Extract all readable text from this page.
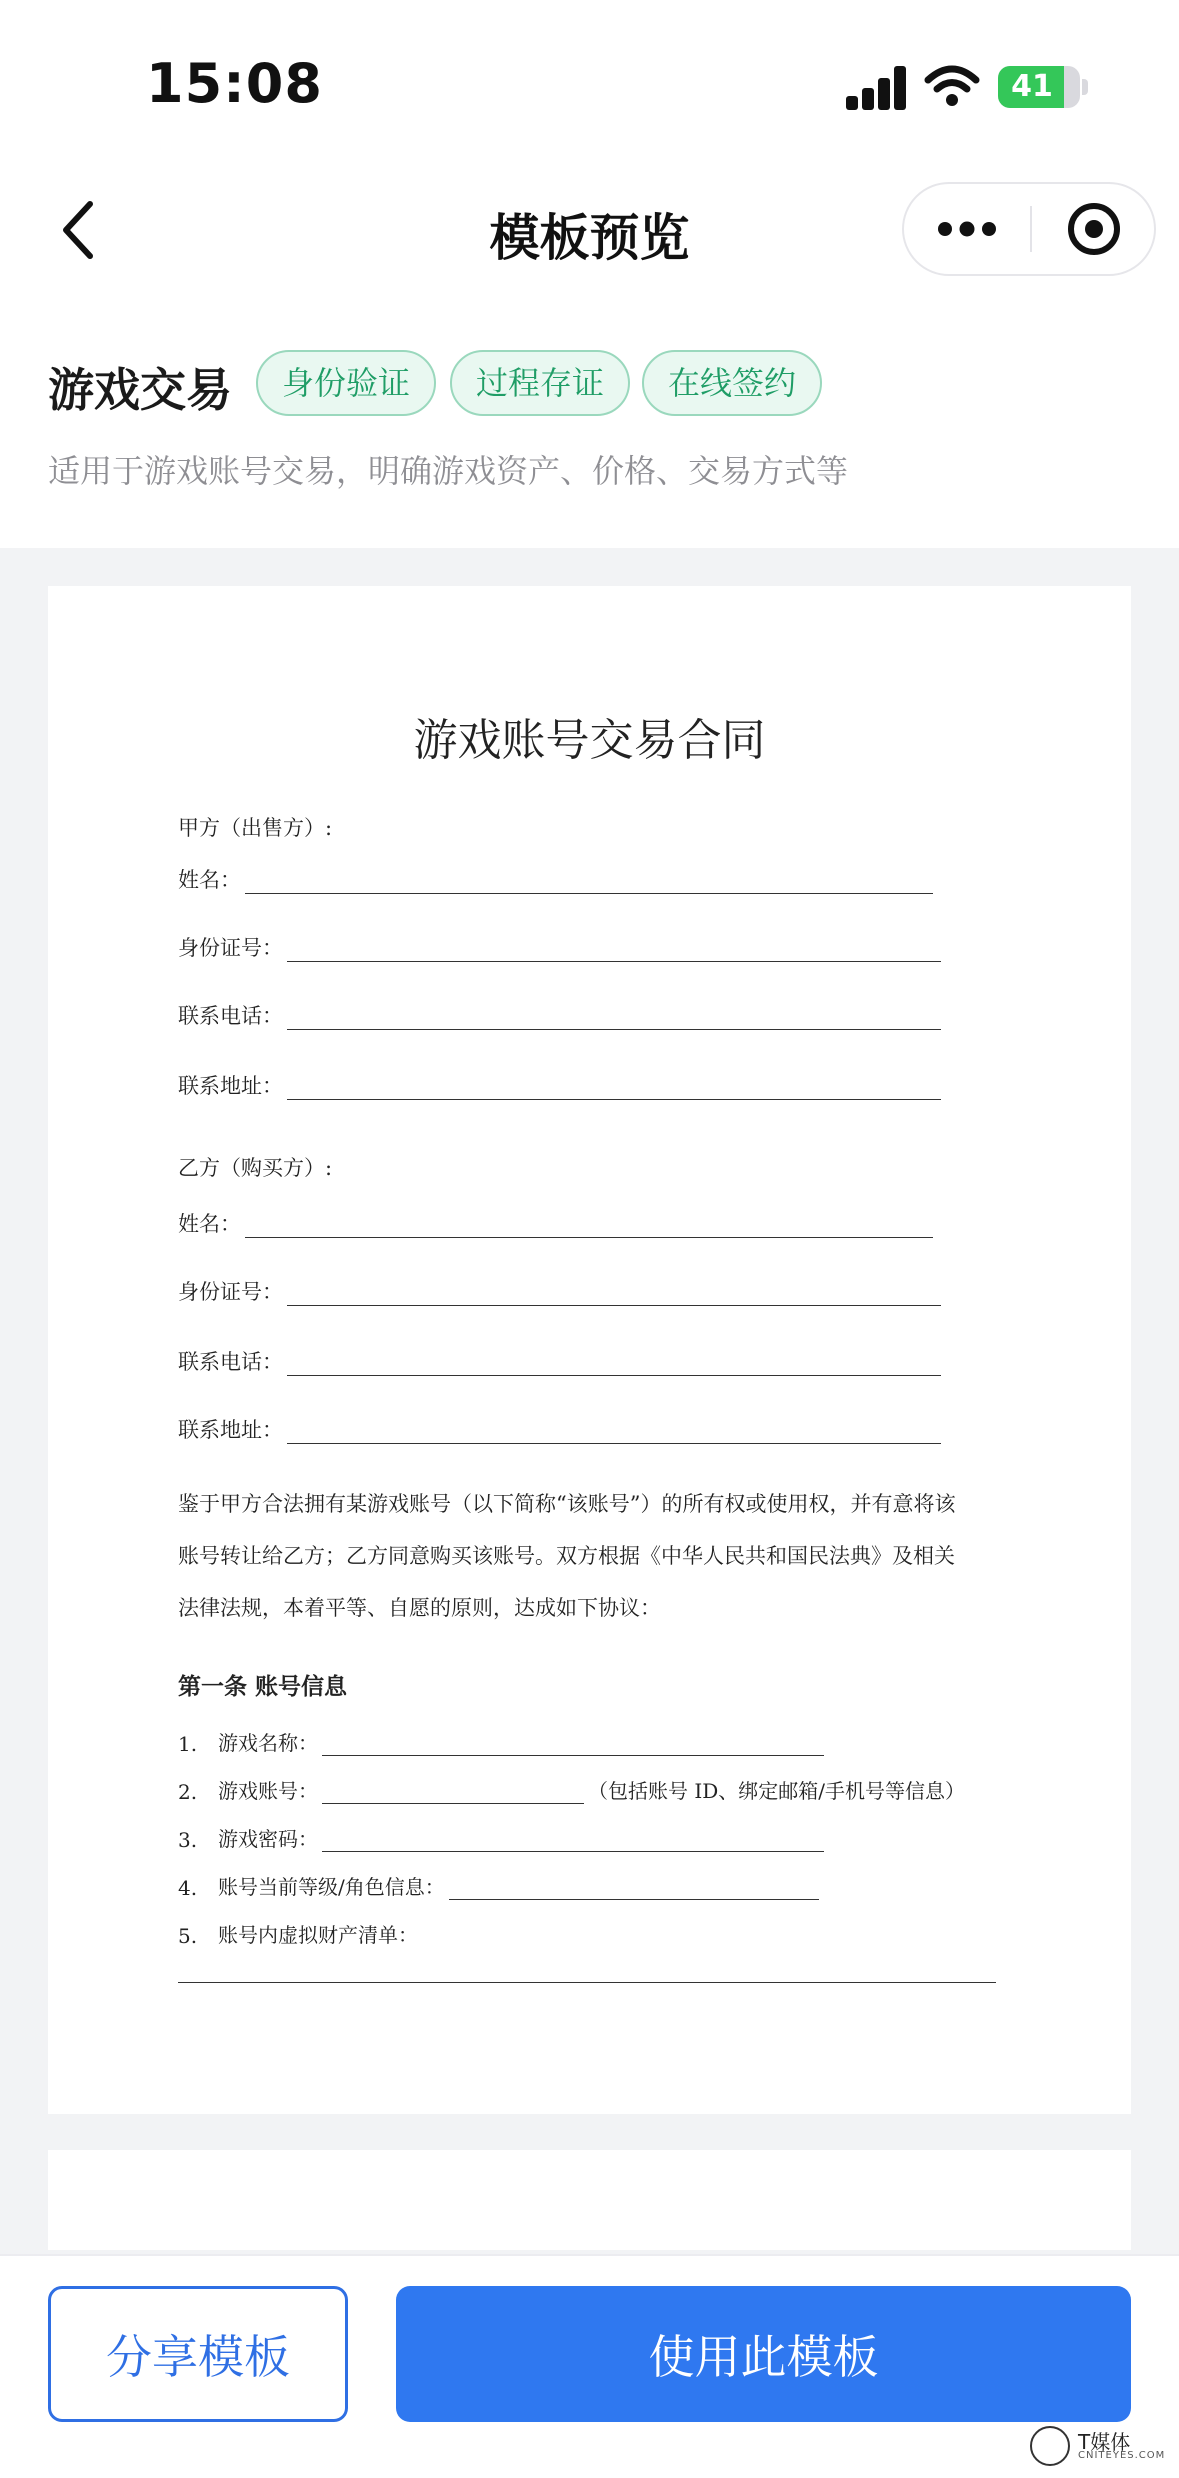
15:08	41
模板预览
游戏交易	身份验证	过程存证	在线签约
适用于游戏账号交易，明确游戏资产、价格、交易方式等
游戏账号交易合同
甲方（出售方）:
姓名：
身份证号：
联系电话：
联系地址：
乙方（购买方）:
姓名：
身份证号：
联系电话：
联系地址：
鉴于甲方合法拥有某游戏账号（以下简称“该账号”）的所有权或使用权，并有意将该
账号转让给乙方；乙方同意购买该账号。双方根据《中华人民共和国民法典》及相关
法律法规，本着平等、自愿的原则，达成如下协议：
第一条 账号信息
1.	游戏名称：
2.	游戏账号：	（包括账号 ID、绑定邮箱/手机号等信息）
3.	游戏密码：
4.	账号当前等级/角色信息：
5.	账号内虚拟财产清单：
分享模板	使用此模板
T媒体
CNITEYES.COM
